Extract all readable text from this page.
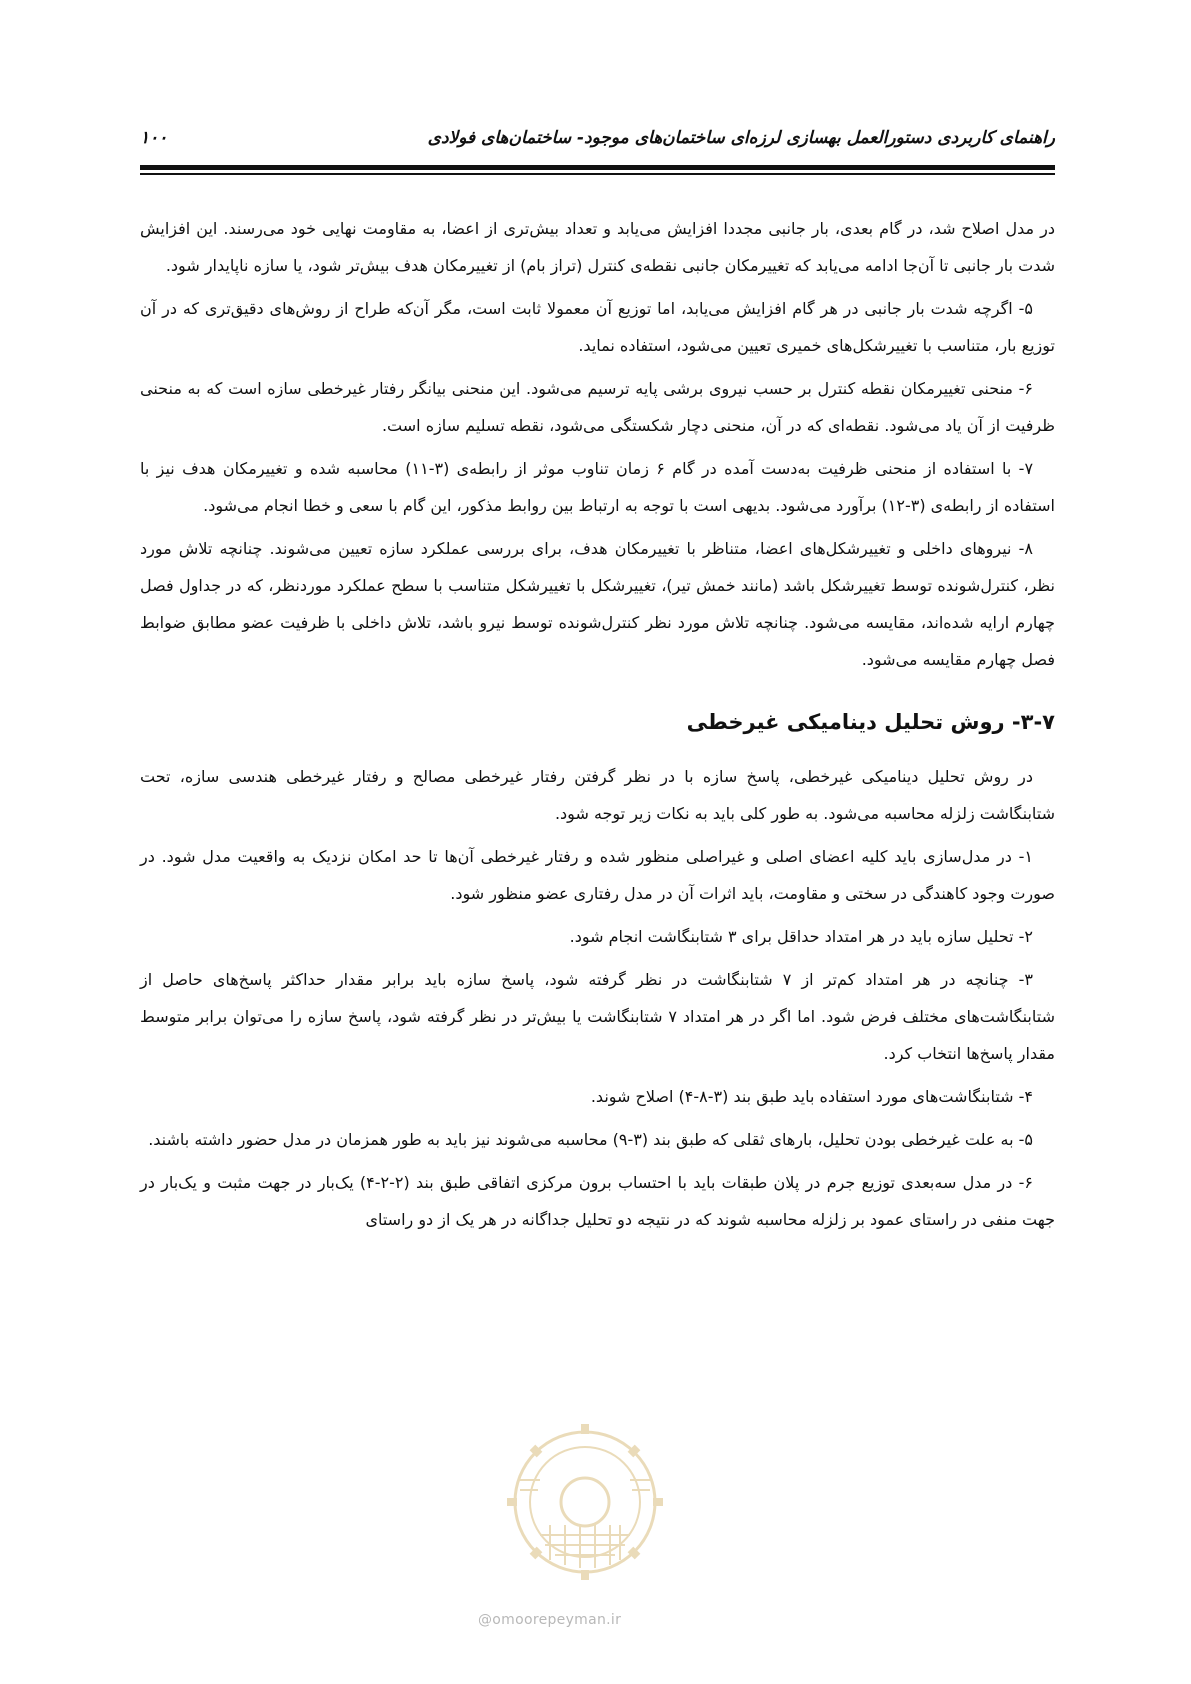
راهنمای کاربردی دستورالعمل بهسازی لرزه‌ای ساختمان‌های موجود- ساختمان‌های فولادی
۱۰۰

در مدل اصلاح شد، در گام بعدی، بار جانبی مجددا افزایش می‌یابد و تعداد بیش‌تری از اعضا، به مقاومت نهایی خود می‌رسند. این افزایش شدت بار جانبی تا آن‌جا ادامه می‌یابد که تغییرمکان جانبی نقطه‌ی کنترل (تراز بام) از تغییرمکان هدف بیش‌تر شود، یا سازه ناپایدار شود.

۵- اگرچه شدت بار جانبی در هر گام افزایش می‌یابد، اما توزیع آن معمولا ثابت است، مگر آن‌که طراح از روش‌های دقیق‌تری که در آن توزیع بار، متناسب با تغییرشکل‌های خمیری تعیین می‌شود، استفاده نماید.

۶- منحنی تغییرمکان نقطه کنترل بر حسب نیروی برشی پایه ترسیم می‌شود. این منحنی بیانگر رفتار غیرخطی سازه است که به منحنی ظرفیت از آن یاد می‌شود. نقطه‌ای که در آن، منحنی دچار شکستگی می‌شود، نقطه تسلیم سازه است.

۷- با استفاده از منحنی ظرفیت به‌دست آمده در گام ۶ زمان تناوب موثر از رابطه‌ی (۳-۱۱) محاسبه شده و تغییرمکان هدف نیز با استفاده از رابطه‌ی (۳-۱۲) برآورد می‌شود. بدیهی است با توجه به ارتباط بین روابط مذکور، این گام با سعی و خطا انجام می‌شود.

۸- نیروهای داخلی و تغییرشکل‌های اعضا، متناظر با تغییرمکان هدف، برای بررسی عملکرد سازه تعیین می‌شوند. چنانچه تلاش مورد نظر، کنترل‌شونده توسط تغییرشکل باشد (مانند خمش تیر)، تغییرشکل با تغییرشکل متناسب با سطح عملکرد موردنظر، که در جداول فصل چهارم ارایه شده‌اند، مقایسه می‌شود. چنانچه تلاش مورد نظر کنترل‌شونده توسط نیرو باشد، تلاش داخلی با ظرفیت عضو مطابق ضوابط فصل چهارم مقایسه می‌شود.

۳-۷- روش تحلیل دینامیکی غیرخطی

در روش تحلیل دینامیکی غیرخطی، پاسخ سازه با در نظر گرفتن رفتار غیرخطی مصالح و رفتار غیرخطی هندسی سازه، تحت شتابنگاشت زلزله محاسبه می‌شود. به طور کلی باید به نکات زیر توجه شود.

۱- در مدل‌سازی باید کلیه اعضای اصلی و غیراصلی منظور شده و رفتار غیرخطی آن‌ها تا حد امکان نزدیک به واقعیت مدل شود. در صورت وجود کاهندگی در سختی و مقاومت، باید اثرات آن در مدل رفتاری عضو منظور شود.

۲- تحلیل سازه باید در هر امتداد حداقل برای ۳ شتابنگاشت انجام شود.

۳- چنانچه در هر امتداد کم‌تر از ۷ شتابنگاشت در نظر گرفته شود، پاسخ سازه باید برابر مقدار حداکثر پاسخ‌های حاصل از شتابنگاشت‌های مختلف فرض شود. اما اگر در هر امتداد ۷ شتابنگاشت یا بیش‌تر در نظر گرفته شود، پاسخ سازه را می‌توان برابر متوسط مقدار پاسخ‌ها انتخاب کرد.

۴- شتابنگاشت‌های مورد استفاده باید طبق بند (۳-۸-۴) اصلاح شوند.

۵- به علت غیرخطی بودن تحلیل، بارهای ثقلی که طبق بند (۳-۹) محاسبه می‌شوند نیز باید به طور همزمان در مدل حضور داشته باشند.

۶- در مدل سه‌بعدی توزیع جرم در پلان طبقات باید با احتساب برون مرکزی اتفاقی طبق بند (۲-۲-۴) یک‌بار در جهت مثبت و یک‌بار در جهت منفی در راستای عمود بر زلزله محاسبه شوند که در نتیجه دو تحلیل جداگانه در هر یک از دو راستای

@omoorepeyman.ir
